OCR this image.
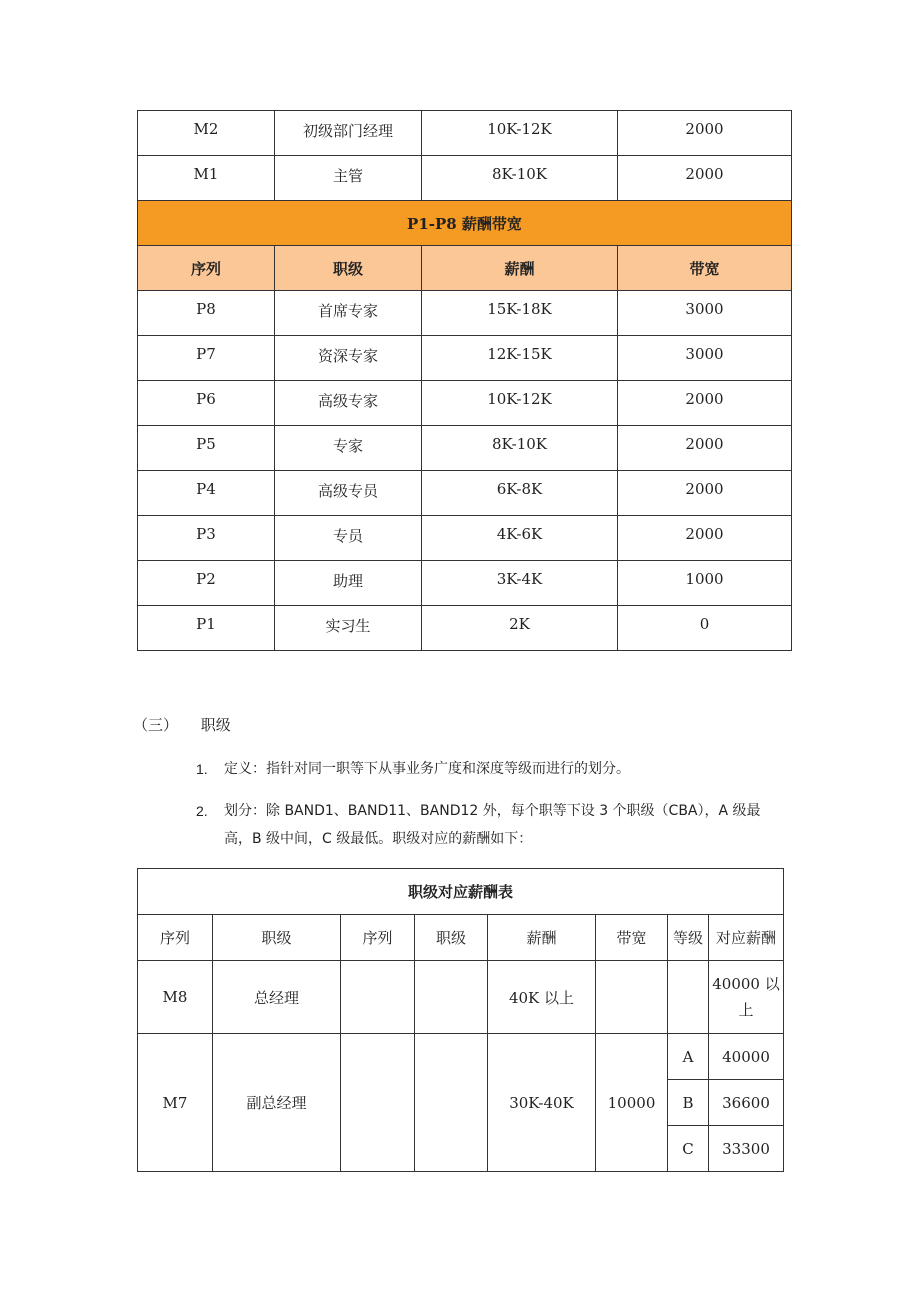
M2	初级部门经理	10K-12K	2000
M1	主管	8K-10K	2000
P1-P8 薪酬带宽			
序列	职级	薪酬	带宽
P8	首席专家	15K-18K	3000
P7	资深专家	12K-15K	3000
P6	高级专家	10K-12K	2000
P5	专家	8K-10K	2000
P4	高级专员	6K-8K	2000
P3	专员	4K-6K	2000
P2	助理	3K-4K	1000
P1	实习生	2K	0
（三） 职级
1. 定义：指针对同一职等下从事业务广度和深度等级而进行的划分。
2. 划分：除 BAND1、BAND11、BAND12 外，每个职等下设 3 个职级（CBA），A 级最高，B 级中间，C 级最低。职级对应的薪酬如下：
职级对应薪酬表							
序列	职级	序列	职级	薪酬	带宽	等级	对应薪酬
M8	总经理			40K 以上			40000 以上
M7	副总经理			30K-40K	10000	A	40000
						B	36600
						C	33300
